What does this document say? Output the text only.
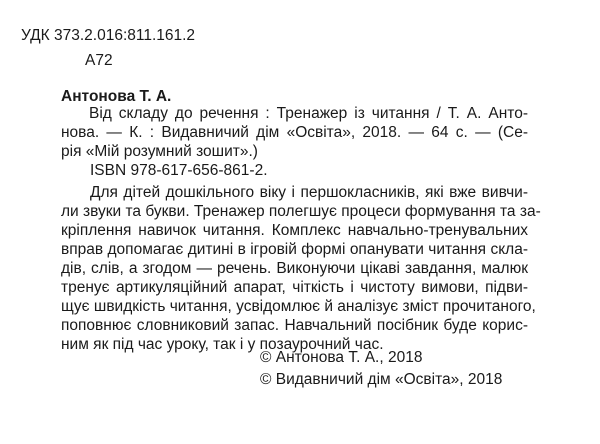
УДК 373.2.016:811.161.2
А72
Антонова Т. А.
Від складу до речення : Тренажер із читання / Т. А. Анто-
нова. — К. : Видавничий дім «Освіта», 2018. — 64 с. — (Се-
рія «Мій розумний зошит».)
ISBN 978-617-656-861-2.
Для дітей дошкільного віку і першокласників, які вже вивчи-
ли звуки та букви. Тренажер полегшує процеси формування та за-
кріплення навичок читання. Комплекс навчально-тренувальних
вправ допомагає дитині в ігровій формі опанувати читання скла-
дів, слів, а згодом — речень. Виконуючи цікаві завдання, малюк
тренує артикуляційний апарат, чіткість і чистоту вимови, підви-
щує швидкість читання, усвідомлює й аналізує зміст прочитаного,
поповнює словниковий запас. Навчальний посібник буде корис-
ним як під час уроку, так і у позаурочний час.
© Антонова Т. А., 2018
© Видавничий дім «Освіта», 2018
